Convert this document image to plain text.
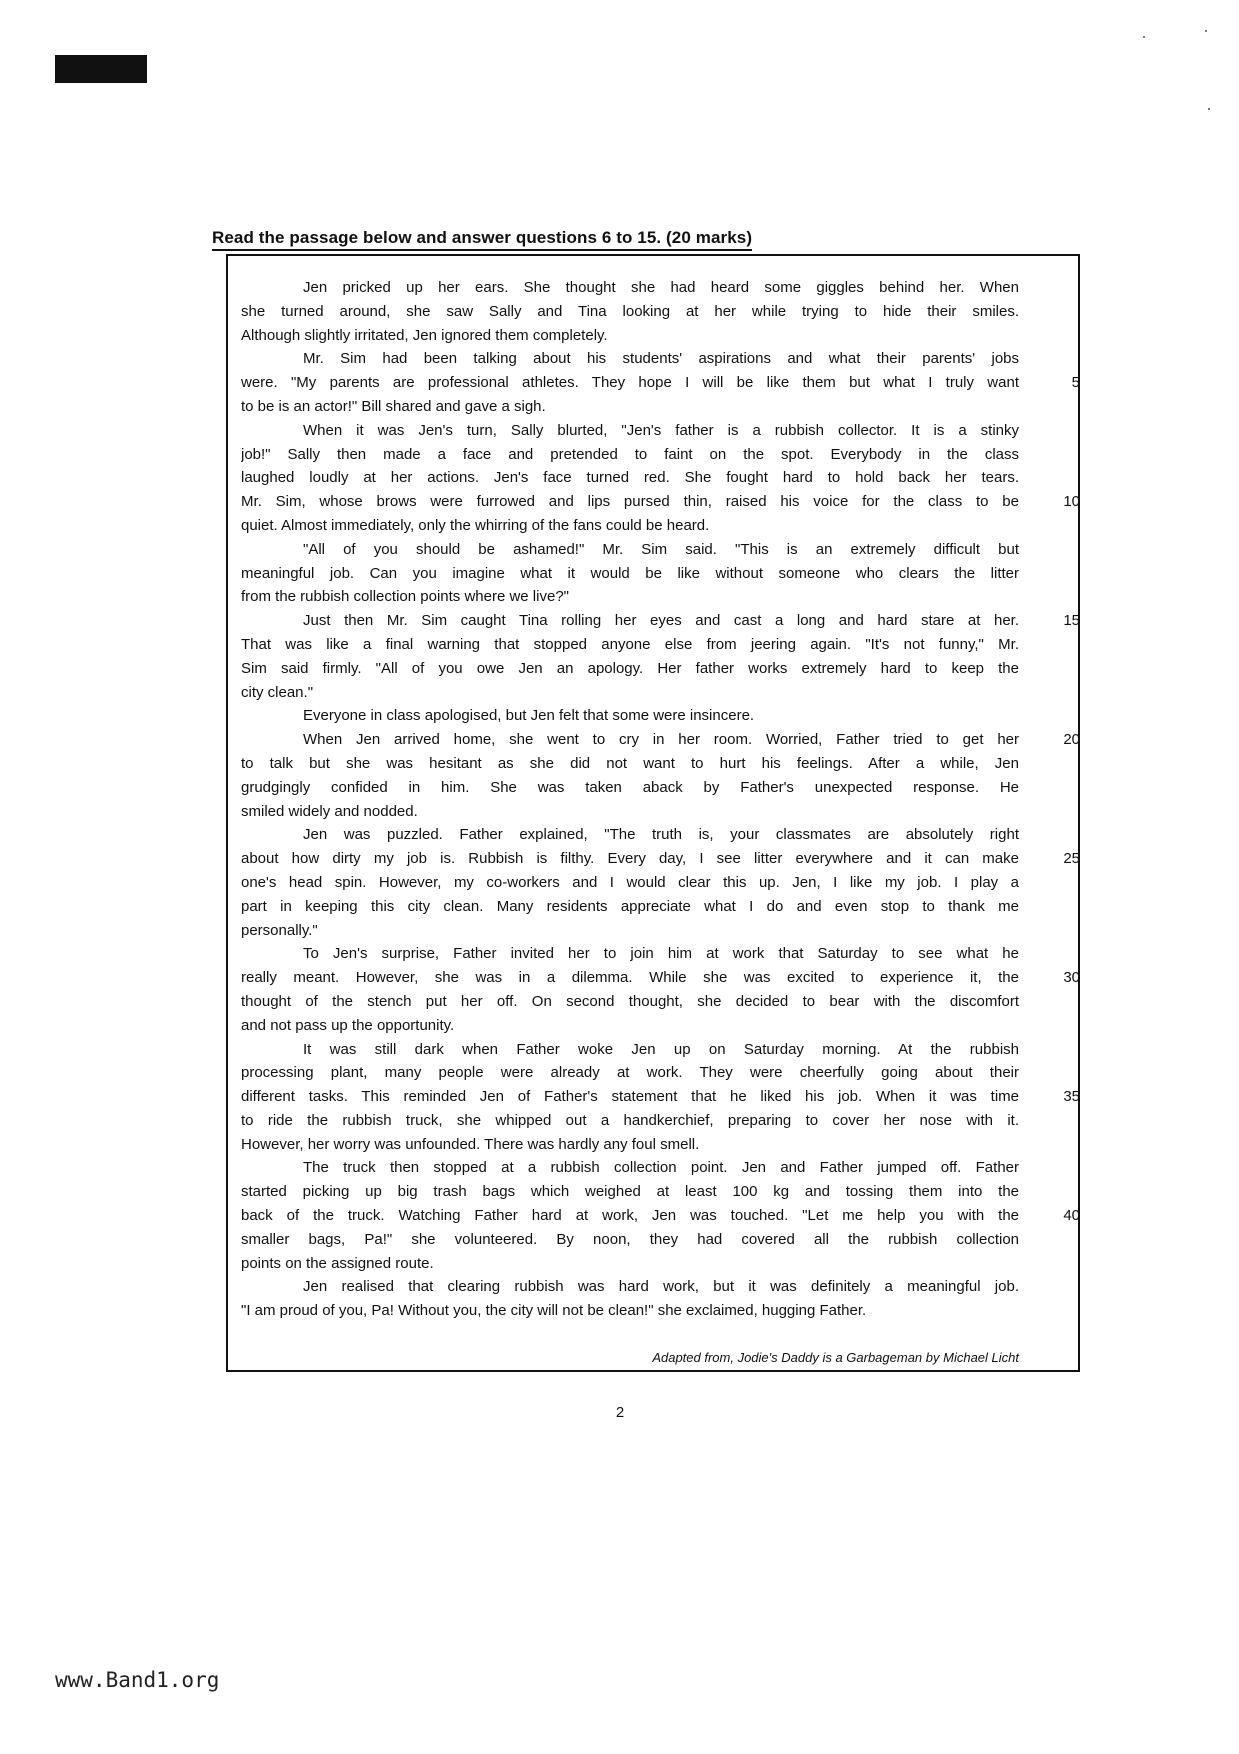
Read the passage below and answer questions 6 to 15. (20 marks)
Jen pricked up her ears. She thought she had heard some giggles behind her. When
she turned around, she saw Sally and Tina looking at her while trying to hide their smiles.
Although slightly irritated, Jen ignored them completely.
Mr. Sim had been talking about his students' aspirations and what their parents' jobs
were. "My parents are professional athletes. They hope I will be like them but what I truly want
to be is an actor!" Bill shared and gave a sigh.
When it was Jen's turn, Sally blurted, "Jen's father is a rubbish collector. It is a stinky
job!" Sally then made a face and pretended to faint on the spot. Everybody in the class
laughed loudly at her actions. Jen's face turned red. She fought hard to hold back her tears.
Mr. Sim, whose brows were furrowed and lips pursed thin, raised his voice for the class to be
quiet. Almost immediately, only the whirring of the fans could be heard.
"All of you should be ashamed!" Mr. Sim said. "This is an extremely difficult but
meaningful job. Can you imagine what it would be like without someone who clears the litter
from the rubbish collection points where we live?"
Just then Mr. Sim caught Tina rolling her eyes and cast a long and hard stare at her.
That was like a final warning that stopped anyone else from jeering again. "It's not funny," Mr.
Sim said firmly. "All of you owe Jen an apology. Her father works extremely hard to keep the
city clean."
Everyone in class apologised, but Jen felt that some were insincere.
When Jen arrived home, she went to cry in her room. Worried, Father tried to get her
to talk but she was hesitant as she did not want to hurt his feelings. After a while, Jen
grudgingly confided in him. She was taken aback by Father's unexpected response. He
smiled widely and nodded.
Jen was puzzled. Father explained, "The truth is, your classmates are absolutely right
about how dirty my job is. Rubbish is filthy. Every day, I see litter everywhere and it can make
one's head spin. However, my co-workers and I would clear this up. Jen, I like my job. I play a
part in keeping this city clean. Many residents appreciate what I do and even stop to thank me
personally."
To Jen's surprise, Father invited her to join him at work that Saturday to see what he
really meant. However, she was in a dilemma. While she was excited to experience it, the
thought of the stench put her off. On second thought, she decided to bear with the discomfort
and not pass up the opportunity.
It was still dark when Father woke Jen up on Saturday morning. At the rubbish
processing plant, many people were already at work. They were cheerfully going about their
different tasks. This reminded Jen of Father's statement that he liked his job. When it was time
to ride the rubbish truck, she whipped out a handkerchief, preparing to cover her nose with it.
However, her worry was unfounded. There was hardly any foul smell.
The truck then stopped at a rubbish collection point. Jen and Father jumped off. Father
started picking up big trash bags which weighed at least 100 kg and tossing them into the
back of the truck. Watching Father hard at work, Jen was touched. "Let me help you with the
smaller bags, Pa!" she volunteered. By noon, they had covered all the rubbish collection
points on the assigned route.
Jen realised that clearing rubbish was hard work, but it was definitely a meaningful job.
"I am proud of you, Pa! Without you, the city will not be clean!" she exclaimed, hugging Father.
5
10
15
20
25
30
35
40
Adapted from, Jodie's Daddy is a Garbageman by Michael Licht
2
www.Band1.org
